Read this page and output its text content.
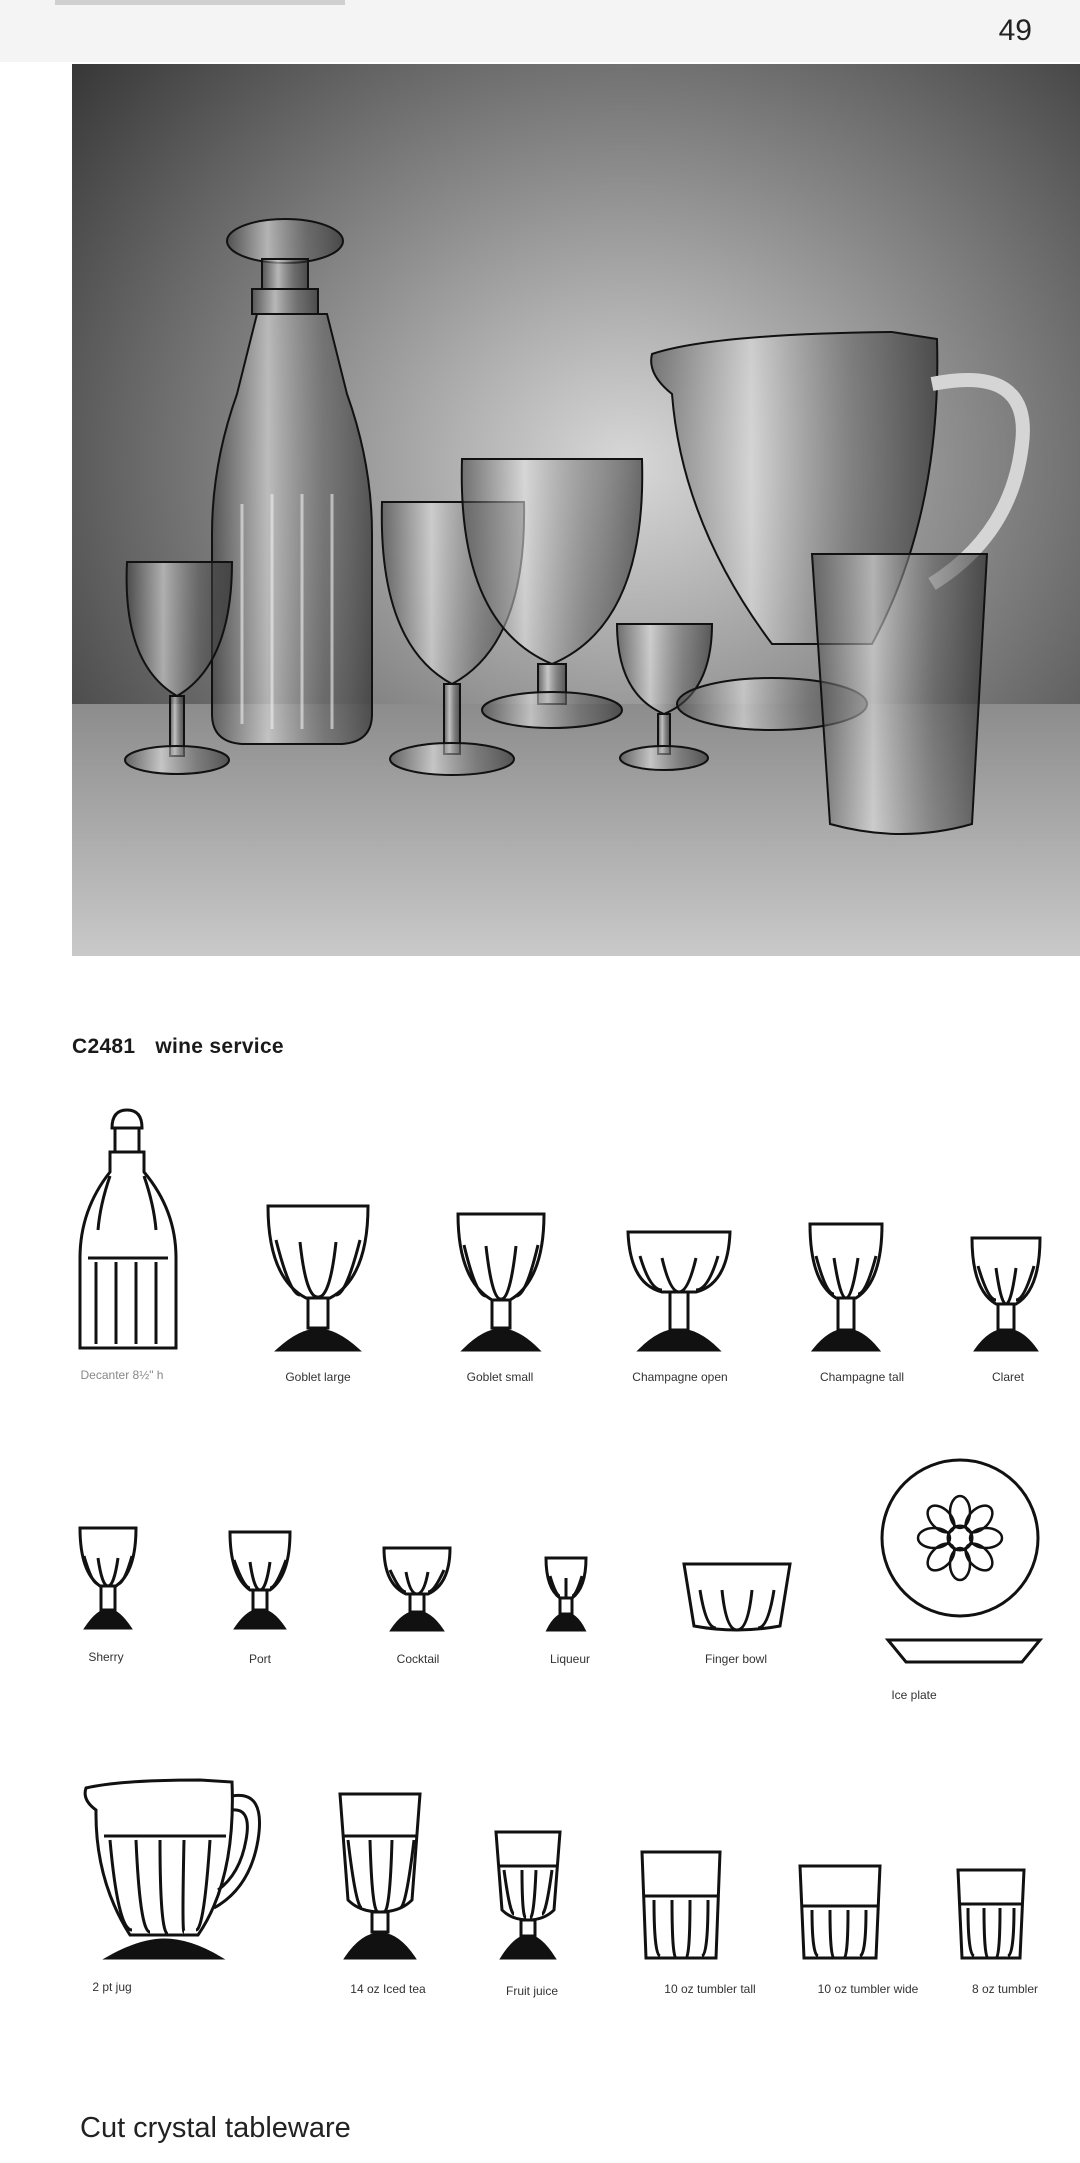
49
C2481 wine service
Decanter 8½" h	Goblet large	Goblet small	Champagne open	Champagne tall	Claret
Sherry	Port	Cocktail	Liqueur	Finger bowl
Ice plate
2 pt jug	14 oz Iced tea	Fruit juice	10 oz tumbler tall	10 oz tumbler wide	8 oz tumbler
Cut crystal tableware
